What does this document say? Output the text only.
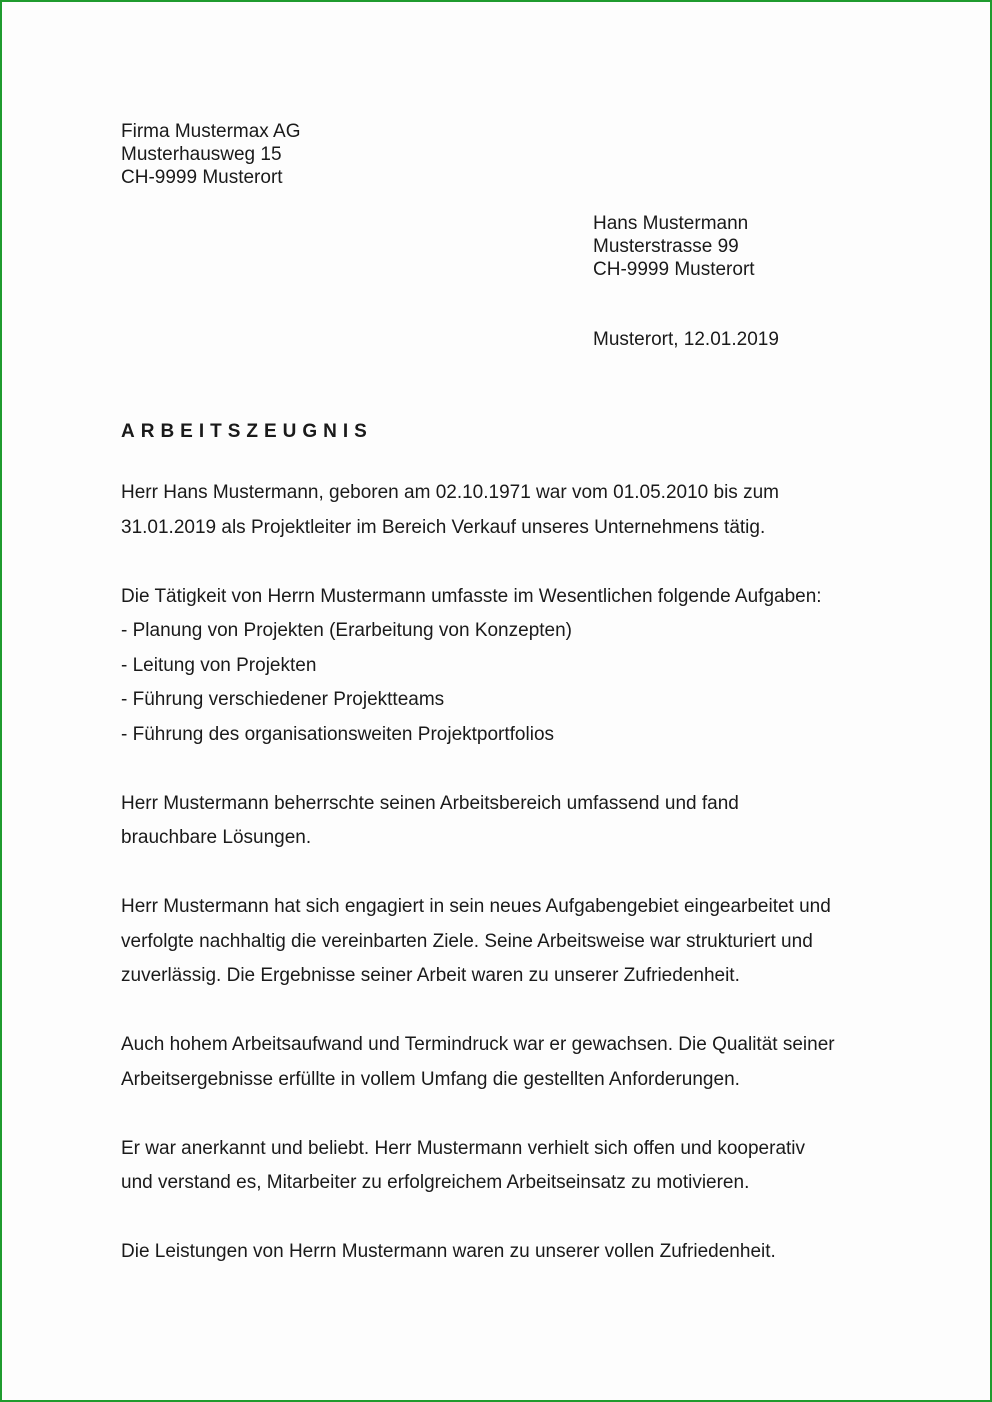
Firma Mustermax AG
Musterhausweg 15
CH-9999 Musterort
Hans Mustermann
Musterstrasse 99
CH-9999 Musterort
Musterort, 12.01.2019
ARBEITSZEUGNIS
Herr Hans Mustermann, geboren am 02.10.1971 war vom 01.05.2010 bis zum
31.01.2019 als Projektleiter im Bereich Verkauf unseres Unternehmens tätig.
Die Tätigkeit von Herrn Mustermann umfasste im Wesentlichen folgende Aufgaben:
- Planung von Projekten (Erarbeitung von Konzepten)
- Leitung von Projekten
- Führung verschiedener Projektteams
- Führung des organisationsweiten Projektportfolios
Herr Mustermann beherrschte seinen Arbeitsbereich umfassend und fand
brauchbare Lösungen.
Herr Mustermann hat sich engagiert in sein neues Aufgabengebiet eingearbeitet und
verfolgte nachhaltig die vereinbarten Ziele. Seine Arbeitsweise war strukturiert und
zuverlässig. Die Ergebnisse seiner Arbeit waren zu unserer Zufriedenheit.
Auch hohem Arbeitsaufwand und Termindruck war er gewachsen. Die Qualität seiner
Arbeitsergebnisse erfüllte in vollem Umfang die gestellten Anforderungen.
Er war anerkannt und beliebt. Herr Mustermann verhielt sich offen und kooperativ
und verstand es, Mitarbeiter zu erfolgreichem Arbeitseinsatz zu motivieren.
Die Leistungen von Herrn Mustermann waren zu unserer vollen Zufriedenheit.
